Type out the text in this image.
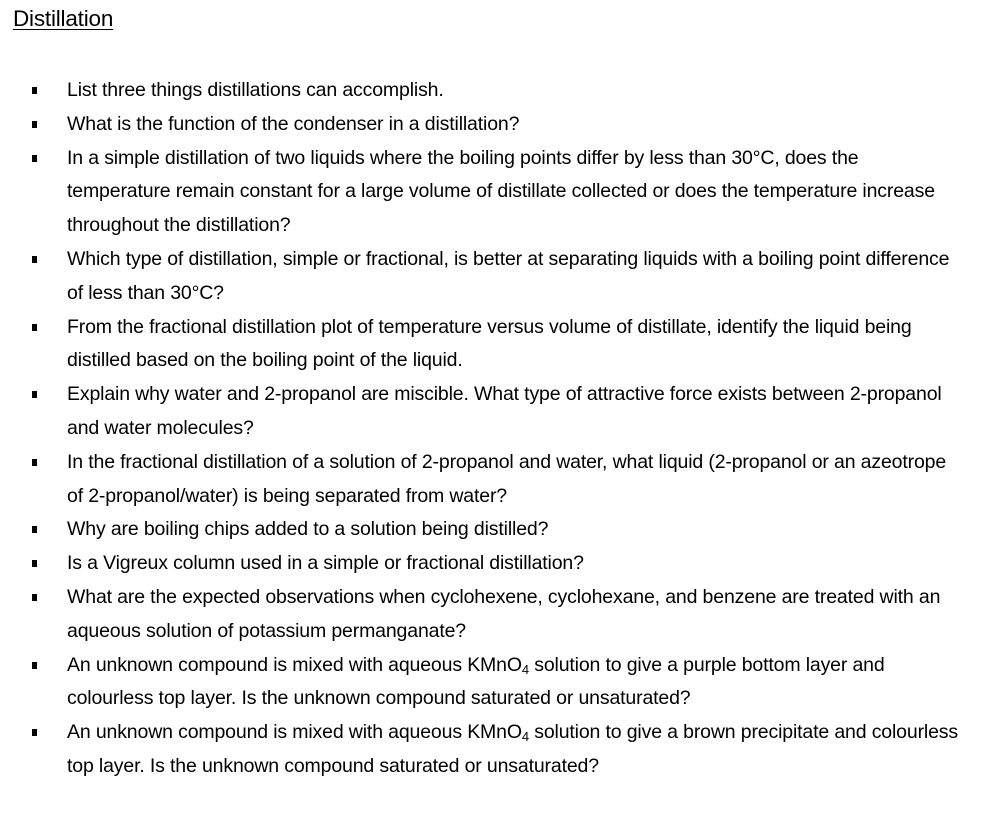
Distillation
List three things distillations can accomplish.
What is the function of the condenser in a distillation?
In a simple distillation of two liquids where the boiling points differ by less than 30°C, does the temperature remain constant for a large volume of distillate collected or does the temperature increase throughout the distillation?
Which type of distillation, simple or fractional, is better at separating liquids with a boiling point difference of less than 30°C?
From the fractional distillation plot of temperature versus volume of distillate, identify the liquid being distilled based on the boiling point of the liquid.
Explain why water and 2-propanol are miscible. What type of attractive force exists between 2-propanol and water molecules?
In the fractional distillation of a solution of 2-propanol and water, what liquid (2-propanol or an azeotrope of 2-propanol/water) is being separated from water?
Why are boiling chips added to a solution being distilled?
Is a Vigreux column used in a simple or fractional distillation?
What are the expected observations when cyclohexene, cyclohexane, and benzene are treated with an aqueous solution of potassium permanganate?
An unknown compound is mixed with aqueous KMnO$_4$ solution to give a purple bottom layer and colourless top layer. Is the unknown compound saturated or unsaturated?
An unknown compound is mixed with aqueous KMnO$_4$ solution to give a brown precipitate and colourless top layer. Is the unknown compound saturated or unsaturated?
